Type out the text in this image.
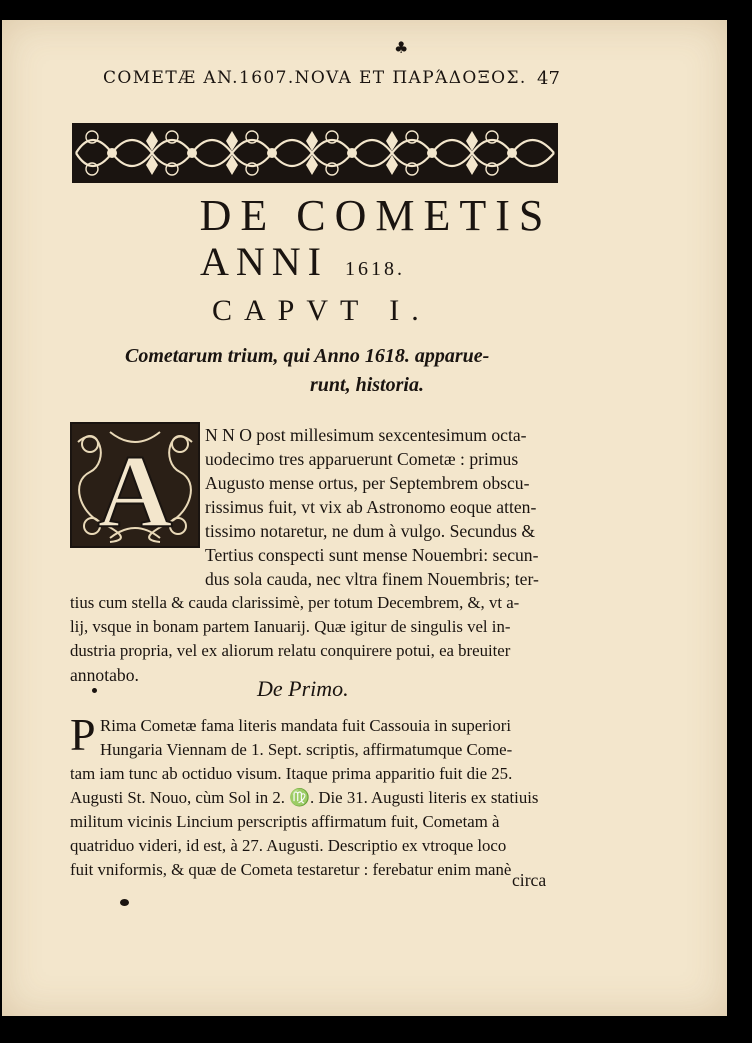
♣
COMETÆ AN.1607.NOVA ET ΠΑΡΆΔΟΞΟΣ. 47
DE COMETIS
ANNI 1618.
CAPVT I.
Cometarum trium, qui Anno 1618. apparue-
runt, historia.
A N N O post millesimum sexcentesimum octa-
uodecimo tres apparuerunt Cometæ : primus
Augusto mense ortus, per Septembrem obscu-
rissimus fuit, vt vix ab Astronomo eoque atten-
tissimo notaretur, ne dum à vulgo. Secundus &
Tertius conspecti sunt mense Nouembri: secun-
dus sola cauda, nec vltra finem Nouembris; ter-
tius cum stella & cauda clarissimè, per totum Decembrem, &, vt a-
lij, vsque in bonam partem Ianuarij. Quæ igitur de singulis vel in-
dustria propria, vel ex aliorum relatu conquirere potui, ea breuiter
annotabo.
De Primo.
P Rima Cometæ fama literis mandata fuit Cassouia in superiori
Hungaria Viennam de 1. Sept. scriptis, affirmatumque Come-
tam iam tunc ab octiduo visum. Itaque prima apparitio fuit die 25.
Augusti St. Nouo, cùm Sol in 2. ♍. Die 31. Augusti literis ex statiuis
militum vicinis Lincium perscriptis affirmatum fuit, Cometam à
quatriduo videri, id est, à 27. Augusti. Descriptio ex vtroque loco
fuit vniformis, & quæ de Cometa testaretur : ferebatur enim manè
circa
